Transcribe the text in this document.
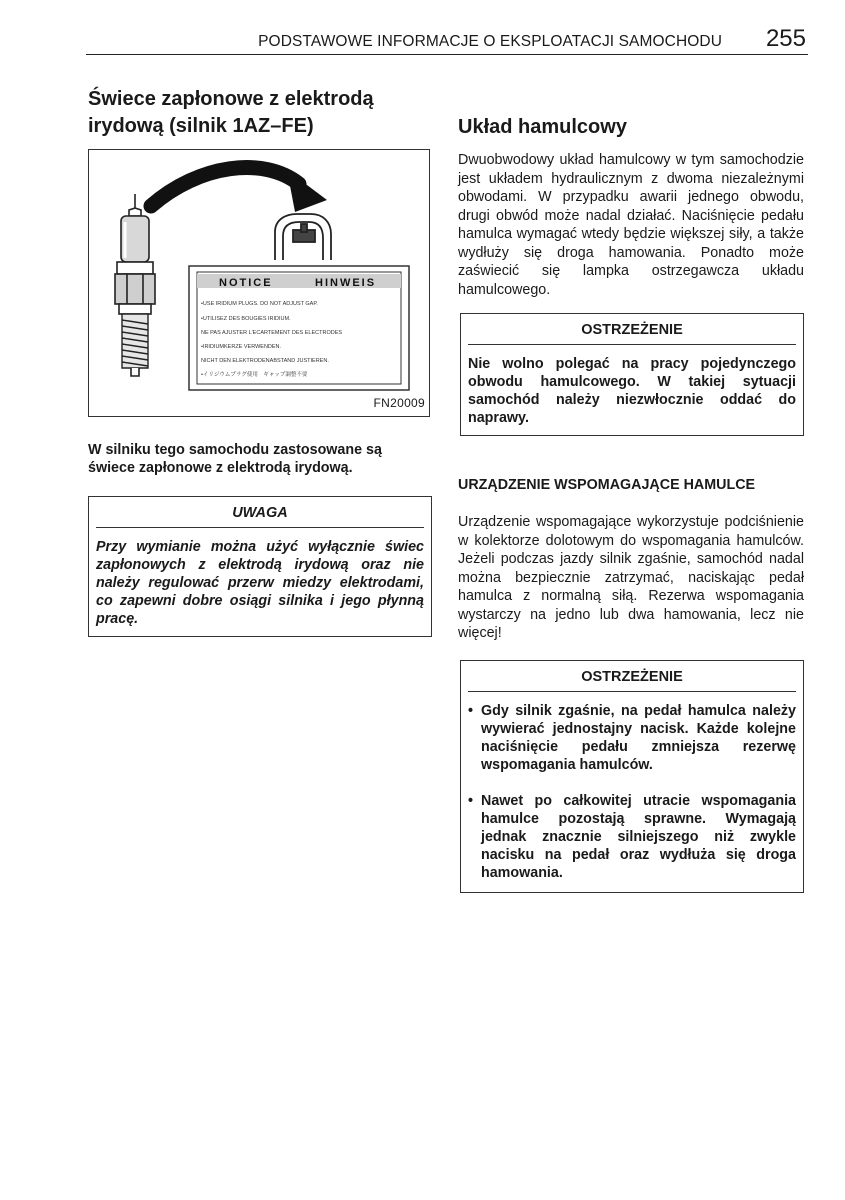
PODSTAWOWE INFORMACJE O EKSPLOATACJI SAMOCHODU 255
Świece zapłonowe z elektrodą irydową (silnik 1AZ–FE)
NOTICE	HINWEIS
•USE IRIDIUM PLUGS. DO NOT ADJUST GAP.
•UTILISEZ DES BOUGIES IRIDIUM.
NE PAS AJUSTER L'ECARTEMENT DES ELECTRODES
•IRIDIUMKERZE VERWENDEN.
NICHT DEN ELEKTRODENABSTAND JUSTIEREN.
•イリジウムプラグ使用　ギャップ調整不要
FN20009
W silniku tego samochodu zastosowane są świece zapłonowe z elektrodą irydową.
UWAGA
Przy wymianie można użyć wyłącznie świec zapłonowych z elektrodą irydową oraz nie należy regulować przerw miedzy elektrodami, co zapewni dobre osiągi silnika i jego płynną pracę.
Układ hamulcowy

Dwuobwodowy układ hamulcowy w tym samochodzie jest układem hydraulicznym z dwoma niezależnymi obwodami. W przypadku awarii jednego obwodu, drugi obwód może nadal działać. Naciśnięcie pedału hamulca wymagać wtedy będzie większej siły, a także wydłuży się droga hamowania. Ponadto może zaświecić się lampka ostrzegawcza układu hamulcowego.

OSTRZEŻENIE
Nie wolno polegać na pracy pojedynczego obwodu hamulcowego. W takiej sytuacji samochód należy niezwłocznie oddać do naprawy.
URZĄDZENIE WSPOMAGAJĄCE HAMULCE

Urządzenie wspomagające wykorzystuje podciśnienie w kolektorze dolotowym do wspomagania hamulców. Jeżeli podczas jazdy silnik zgaśnie, samochód nadal można bezpiecznie zatrzymać, naciskając pedał hamulca z normalną siłą. Rezerwa wspomagania wystarczy na jedno lub dwa hamowania, lecz nie więcej!

OSTRZEŻENIE
• Gdy silnik zgaśnie, na pedał hamulca należy wywierać jednostajny nacisk. Każde kolejne naciśnięcie pedału zmniejsza rezerwę wspomagania hamulców.
• Nawet po całkowitej utracie wspomagania hamulce pozostają sprawne. Wymagają jednak znacznie silniejszego niż zwykle nacisku na pedał oraz wydłuża się droga hamowania.
